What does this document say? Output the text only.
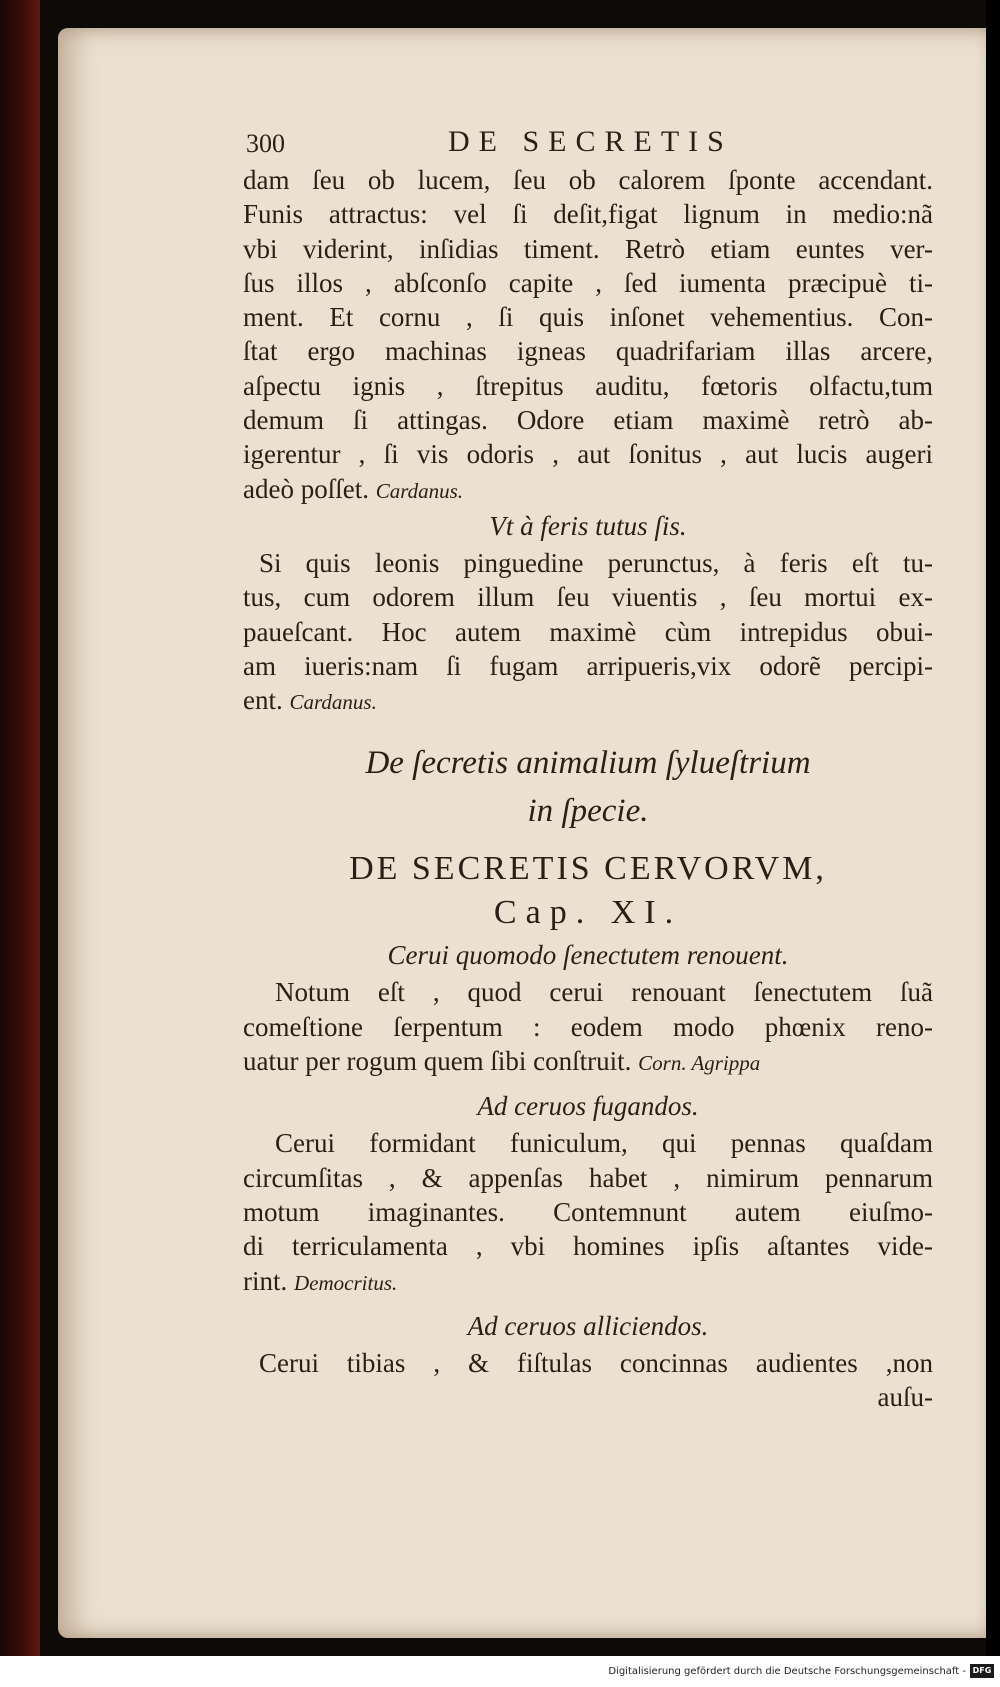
300	DE SECRETIS
dam ſeu ob lucem, ſeu ob calorem ſponte accendant.
Funis attractus: vel ſi deſit,figat lignum in medio:nã
vbi viderint, inſidias timent. Retrò etiam euntes ver-
ſus illos , abſconſo capite , ſed iumenta præcipuè ti-
ment. Et cornu , ſi quis inſonet vehementius. Con-
ſtat ergo machinas igneas quadrifariam illas arcere,
aſpectu ignis , ſtrepitus auditu, fœtoris olfactu,tum
demum ſi attingas. Odore etiam maximè retrò ab-
igerentur , ſi vis odoris , aut ſonitus , aut lucis augeri
adeò poſſet. Cardanus.
Vt à feris tutus ſis.
Si quis leonis pinguedine perunctus, à feris eſt tu-
tus, cum odorem illum ſeu viuentis , ſeu mortui ex-
paueſcant. Hoc autem maximè cùm intrepidus obui-
am iueris:nam ſi fugam arripueris,vix odorẽ percipi-
ent. Cardanus.
De ſecretis animalium ſylueſtrium
in ſpecie.
DE SECRETIS CERVORVM,
Cap. XI.
Cerui quomodo ſenectutem renouent.
Notum eſt , quod cerui renouant ſenectutem ſuã
comeſtione ſerpentum : eodem modo phœnix reno-
uatur per rogum quem ſibi conſtruit. Corn. Agrippa
Ad ceruos fugandos.
Cerui formidant funiculum, qui pennas quaſdam
circumſitas , & appenſas habet , nimirum pennarum
motum imaginantes. Contemnunt autem eiuſmo-
di terriculamenta , vbi homines ipſis aſtantes vide-
rint. Democritus.
Ad ceruos alliciendos.
Cerui tibias , & fiſtulas concinnas audientes ,non
auſu-
Digitalisierung gefördert durch die Deutsche Forschungsgemeinschaft - DFG
